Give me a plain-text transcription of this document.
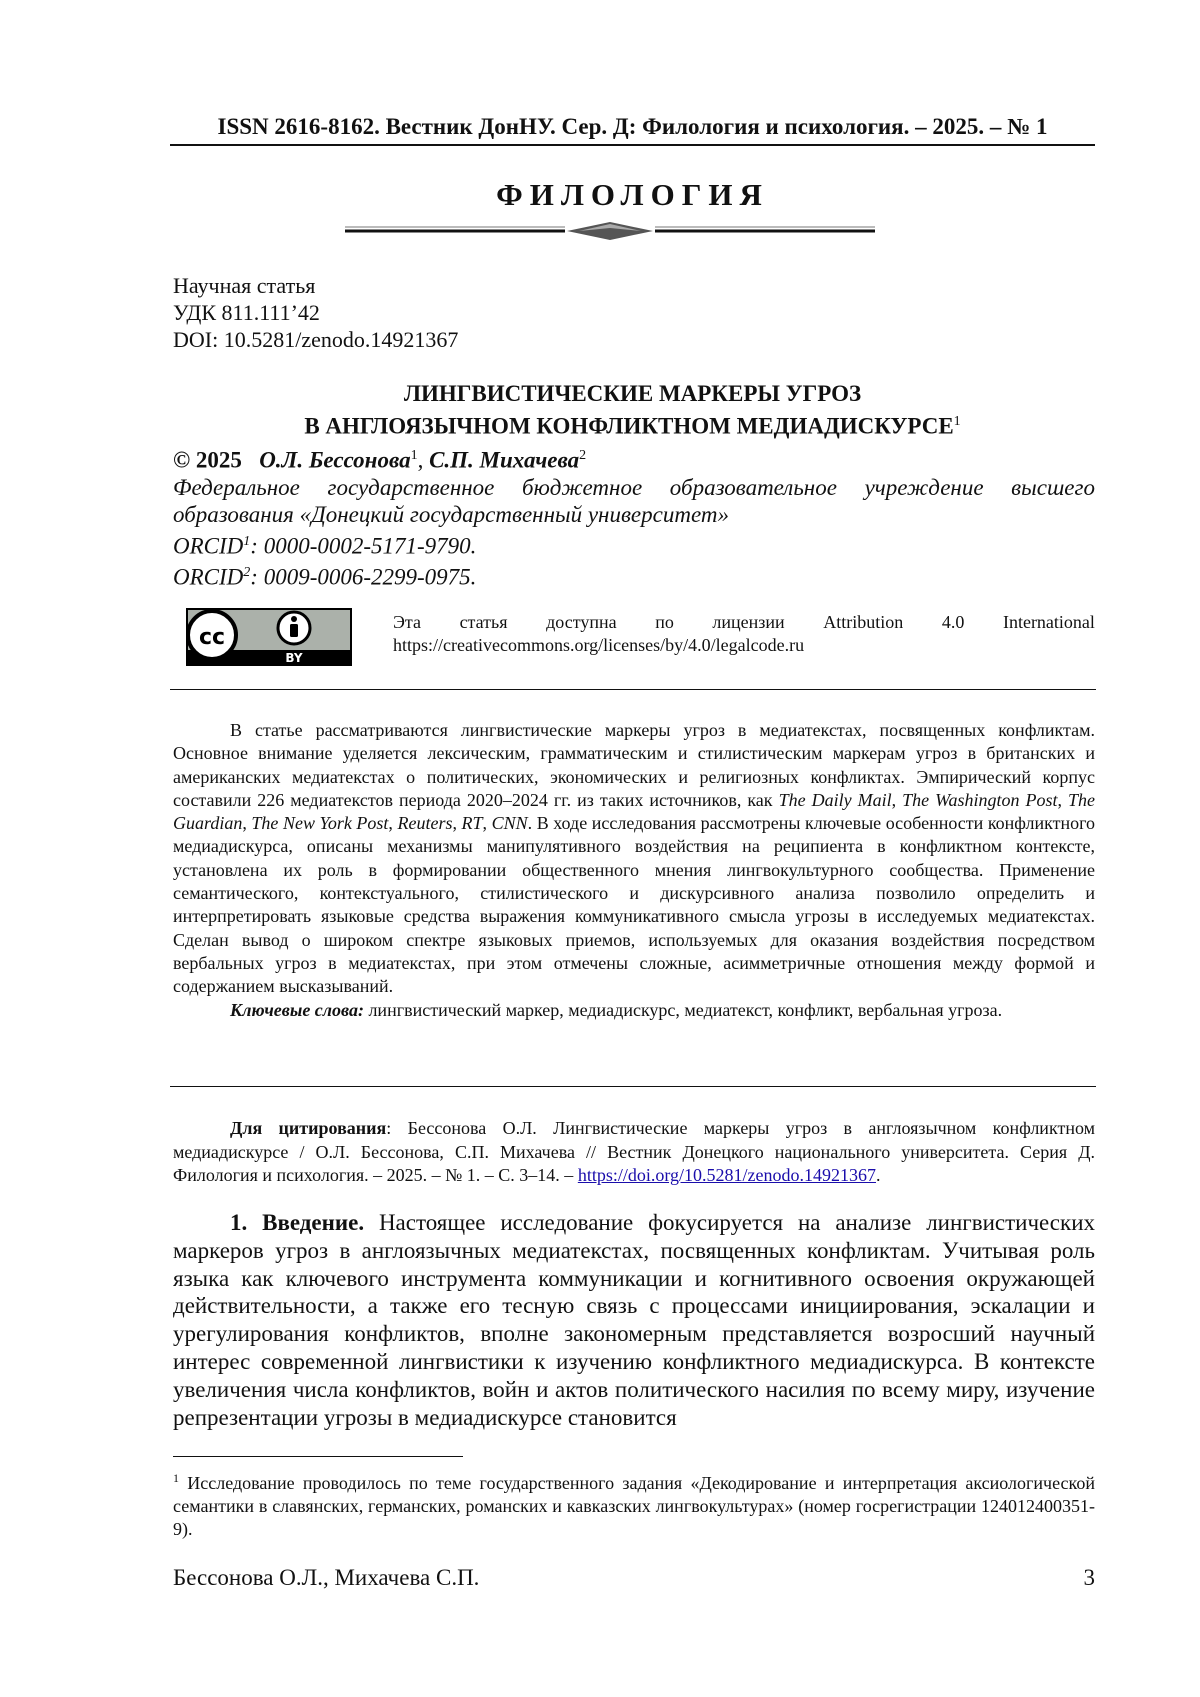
ISSN 2616-8162. Вестник ДонНУ. Сер. Д: Филология и психология. – 2025. – № 1
ФИЛОЛОГИЯ
Научная статья
УДК 811.111’42
DOI: 10.5281/zenodo.14921367
ЛИНГВИСТИЧЕСКИЕ МАРКЕРЫ УГРОЗ
В АНГЛОЯЗЫЧНОМ КОНФЛИКТНОМ МЕДИАДИСКУРСЕ$^1$
© 2025 О.Л. Бессонова$^1$, С.П. Михачева$^2$
Федеральное государственное бюджетное образовательное учреждение высшего образования «Донецкий государственный университет»
ORCID$^1$: 0000-0002-5171-9790.
ORCID$^2$: 0009-0006-2299-0975.
cc
BY
Эта статья доступна по лицензии Attribution 4.0 International
https://creativecommons.org/licenses/by/4.0/legalcode.ru

В статье рассматриваются лингвистические маркеры угроз в медиатекстах, посвященных конфликтам. Основное внимание уделяется лексическим, грамматическим и стилистическим маркерам угроз в британских и американских медиатекстах о политических, экономических и религиозных конфликтах. Эмпирический корпус составили 226 медиатекстов периода 2020–2024 гг. из таких источников, как The Daily Mail, The Washington Post, The Guardian, The New York Post, Reuters, RT, CNN. В ходе исследования рассмотрены ключевые особенности конфликтного медиадискурса, описаны механизмы манипулятивного воздействия на реципиента в конфликтном контексте, установлена их роль в формировании общественного мнения лингвокультурного сообщества. Применение семантического, контекстуального, стилистического и дискурсивного анализа позволило определить и интерпретировать языковые средства выражения коммуникативного смысла угрозы в исследуемых медиатекстах. Сделан вывод о широком спектре языковых приемов, используемых для оказания воздействия посредством вербальных угроз в медиатекстах, при этом отмечены сложные, асимметричные отношения между формой и содержанием высказываний.

Ключевые слова: лингвистический маркер, медиадискурс, медиатекст, конфликт, вербальная угроза.

Для цитирования: Бессонова О.Л. Лингвистические маркеры угроз в англоязычном конфликтном медиадискурсе / О.Л. Бессонова, С.П. Михачева // Вестник Донецкого национального университета. Серия Д. Филология и психология. – 2025. – № 1. – С. 3–14. – https://doi.org/10.5281/zenodo.14921367.

1. Введение. Настоящее исследование фокусируется на анализе лингвистических маркеров угроз в англоязычных медиатекстах, посвященных конфликтам. Учитывая роль языка как ключевого инструмента коммуникации и когнитивного освоения окружающей действительности, а также его тесную связь с процессами инициирования, эскалации и урегулирования конфликтов, вполне закономерным представляется возросший научный интерес современной лингвистики к изучению конфликтного медиадискурса. В контексте увеличения числа конфликтов, войн и актов политического насилия по всему миру, изучение репрезентации угрозы в медиадискурсе становится

$^1$ Исследование проводилось по теме государственного задания «Декодирование и интерпретация аксиологической семантики в славянских, германских, романских и кавказских лингвокультурах» (номер госрегистрации 124012400351-9).

Бессонова О.Л., Михачева С.П.	3
